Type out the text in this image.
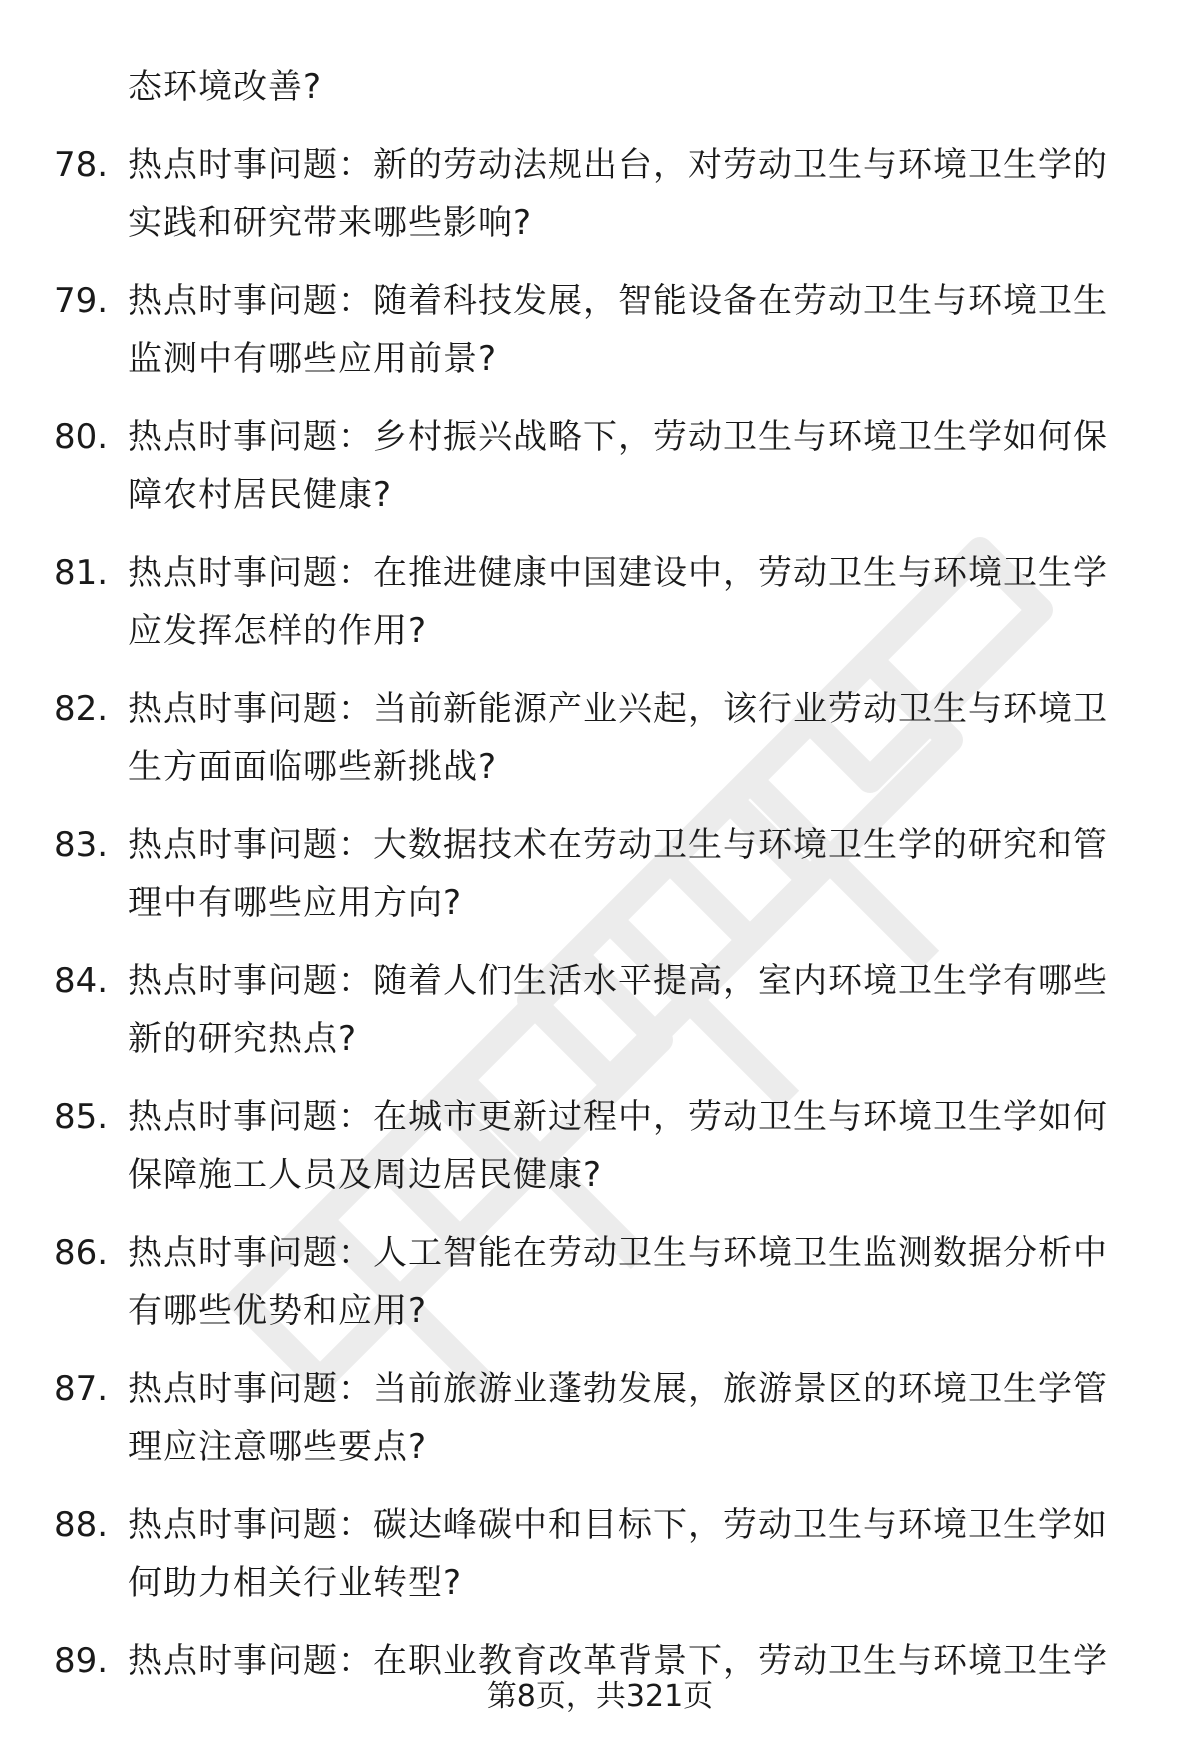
态环境改善?
78. 热点时事问题：新的劳动法规出台，对劳动卫生与环境卫生学的实践和研究带来哪些影响?
79. 热点时事问题：随着科技发展，智能设备在劳动卫生与环境卫生监测中有哪些应用前景?
80. 热点时事问题：乡村振兴战略下，劳动卫生与环境卫生学如何保障农村居民健康?
81. 热点时事问题：在推进健康中国建设中，劳动卫生与环境卫生学应发挥怎样的作用?
82. 热点时事问题：当前新能源产业兴起，该行业劳动卫生与环境卫生方面面临哪些新挑战?
83. 热点时事问题：大数据技术在劳动卫生与环境卫生学的研究和管理中有哪些应用方向?
84. 热点时事问题：随着人们生活水平提高，室内环境卫生学有哪些新的研究热点?
85. 热点时事问题：在城市更新过程中，劳动卫生与环境卫生学如何保障施工人员及周边居民健康?
86. 热点时事问题：人工智能在劳动卫生与环境卫生监测数据分析中有哪些优势和应用?
87. 热点时事问题：当前旅游业蓬勃发展，旅游景区的环境卫生学管理应注意哪些要点?
88. 热点时事问题：碳达峰碳中和目标下，劳动卫生与环境卫生学如何助力相关行业转型?
89. 热点时事问题：在职业教育改革背景下，劳动卫生与环境卫生学
第8页，共321页
